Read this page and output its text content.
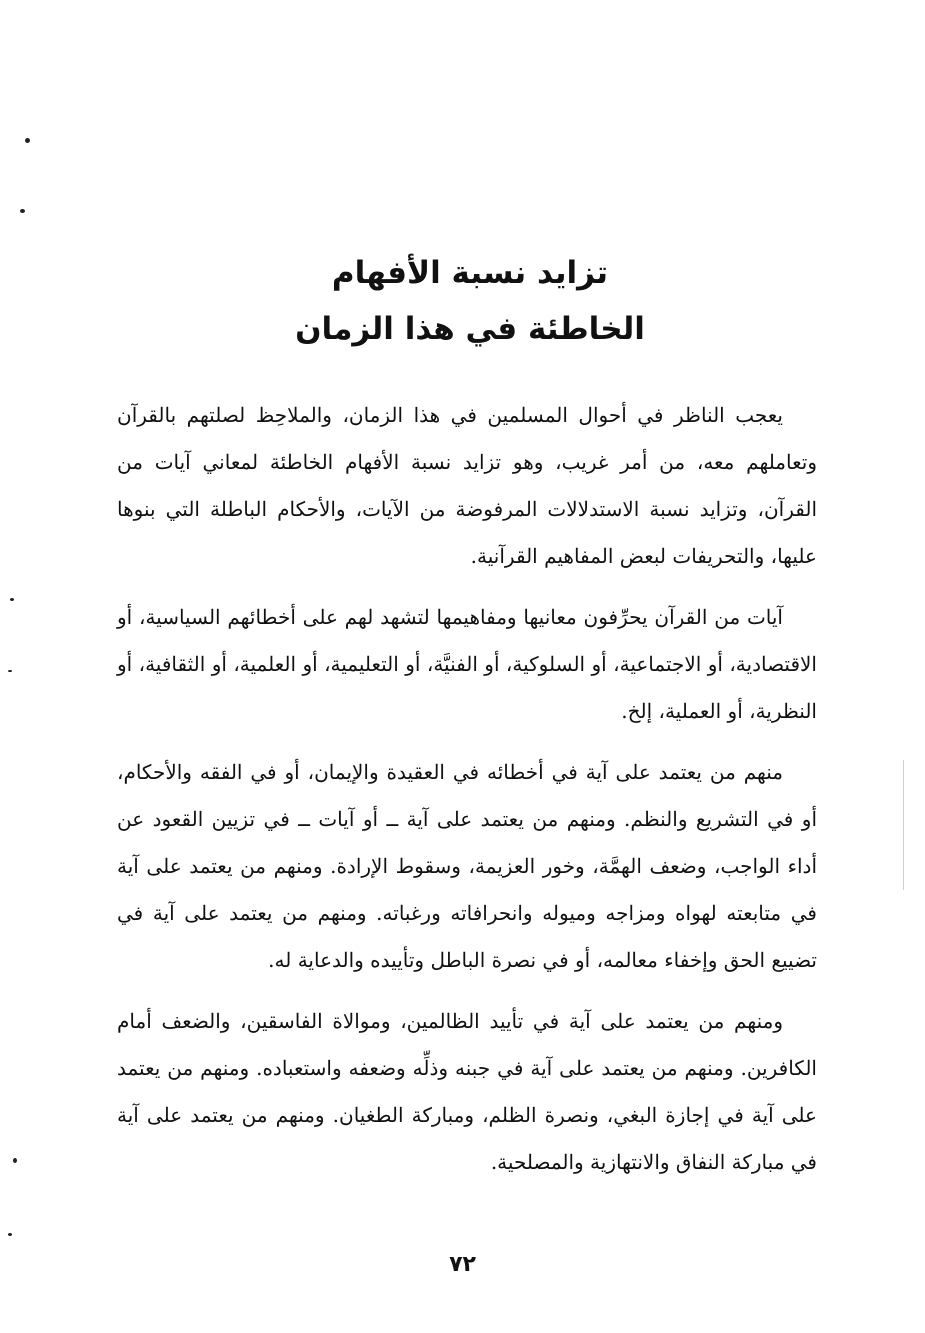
تزايد نسبة الأفهام
الخاطئة في هذا الزمان

يعجب الناظر في أحوال المسلمين في هذا الزمان، والملاحِظ لصلتهم بالقرآن وتعاملهم معه، من أمر غريب، وهو تزايد نسبة الأفهام الخاطئة لمعاني آيات من القرآن، وتزايد نسبة الاستدلالات المرفوضة من الآيات، والأحكام الباطلة التي بنوها عليها، والتحريفات لبعض المفاهيم القرآنية.

آيات من القرآن يحرِّفون معانيها ومفاهيمها لتشهد لهم على أخطائهم السياسية، أو الاقتصادية، أو الاجتماعية، أو السلوكية، أو الفنيَّة، أو التعليمية، أو العلمية، أو الثقافية، أو النظرية، أو العملية، إلخ.

منهم من يعتمد على آية في أخطائه في العقيدة والإيمان، أو في الفقه والأحكام، أو في التشريع والنظم. ومنهم من يعتمد على آية ــ أو آيات ــ في تزيين القعود عن أداء الواجب، وضعف الهمَّة، وخور العزيمة، وسقوط الإرادة. ومنهم من يعتمد على آية في متابعته لهواه ومزاجه وميوله وانحرافاته ورغباته. ومنهم من يعتمد على آية في تضييع الحق وإخفاء معالمه، أو في نصرة الباطل وتأييده والدعاية له.

ومنهم من يعتمد على آية في تأييد الظالمين، وموالاة الفاسقين، والضعف أمام الكافرين. ومنهم من يعتمد على آية في جبنه وذلِّه وضعفه واستعباده. ومنهم من يعتمد على آية في إجازة البغي، ونصرة الظلم، ومباركة الطغيان. ومنهم من يعتمد على آية في مباركة النفاق والانتهازية والمصلحية.

٧٢
